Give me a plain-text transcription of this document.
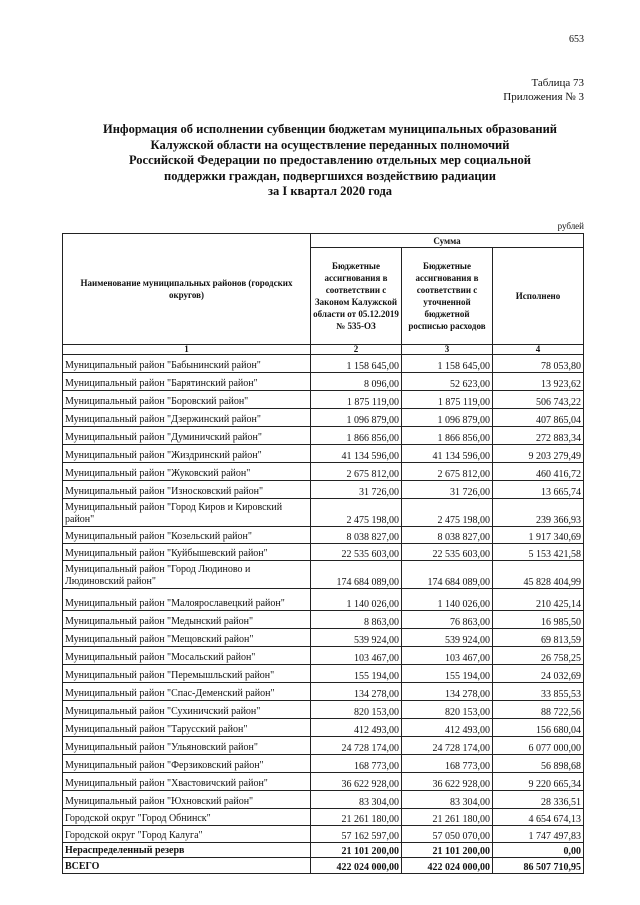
653
Таблица 73
Приложения № 3
Информация об исполнении субвенции бюджетам муниципальных образований
Калужской области на осуществление переданных полномочий
Российской Федерации по предоставлению отдельных мер социальной
поддержки граждан, подвергшихся воздействию радиации
за I квартал 2020 года
рублей
Наименование муниципальных районов (городских округов)	Сумма		
	Бюджетные ассигнования в соответствии с Законом Калужской области от 05.12.2019 № 535-ОЗ	Бюджетные ассигнования в соответствии с уточненной бюджетной росписью расходов	Исполнено
1	2	3	4
Муниципальный район "Бабынинский район"	1 158 645,00	1 158 645,00	78 053,80
Муниципальный район "Барятинский район"	8 096,00	52 623,00	13 923,62
Муниципальный район "Боровский район"	1 875 119,00	1 875 119,00	506 743,22
Муниципальный район "Дзержинский район"	1 096 879,00	1 096 879,00	407 865,04
Муниципальный район "Думиничский район"	1 866 856,00	1 866 856,00	272 883,34
Муниципальный район "Жиздринский район"	41 134 596,00	41 134 596,00	9 203 279,49
Муниципальный район "Жуковский район"	2 675 812,00	2 675 812,00	460 416,72
Муниципальный район "Износковский район"	31 726,00	31 726,00	13 665,74
Муниципальный район "Город Киров и Кировский район"	2 475 198,00	2 475 198,00	239 366,93
Муниципальный район "Козельский район"	8 038 827,00	8 038 827,00	1 917 340,69
Муниципальный район "Куйбышевский район"	22 535 603,00	22 535 603,00	5 153 421,58
Муниципальный район "Город Людиново и Людиновский район"	174 684 089,00	174 684 089,00	45 828 404,99
Муниципальный район "Малоярославецкий район"	1 140 026,00	1 140 026,00	210 425,14
Муниципальный район "Медынский район"	8 863,00	76 863,00	16 985,50
Муниципальный район "Мещовский район"	539 924,00	539 924,00	69 813,59
Муниципальный район "Мосальский район"	103 467,00	103 467,00	26 758,25
Муниципальный район "Перемышльский район"	155 194,00	155 194,00	24 032,69
Муниципальный район "Спас-Деменский район"	134 278,00	134 278,00	33 855,53
Муниципальный район "Сухиничский район"	820 153,00	820 153,00	88 722,56
Муниципальный район "Тарусский район"	412 493,00	412 493,00	156 680,04
Муниципальный район "Ульяновский район"	24 728 174,00	24 728 174,00	6 077 000,00
Муниципальный район "Ферзиковский район"	168 773,00	168 773,00	56 898,68
Муниципальный район "Хвастовичский район"	36 622 928,00	36 622 928,00	9 220 665,34
Муниципальный район "Юхновский район"	83 304,00	83 304,00	28 336,51
Городской округ "Город Обнинск"	21 261 180,00	21 261 180,00	4 654 674,13
Городской округ "Город Калуга"	57 162 597,00	57 050 070,00	1 747 497,83
Нераспределенный резерв	21 101 200,00	21 101 200,00	0,00
ВСЕГО	422 024 000,00	422 024 000,00	86 507 710,95
